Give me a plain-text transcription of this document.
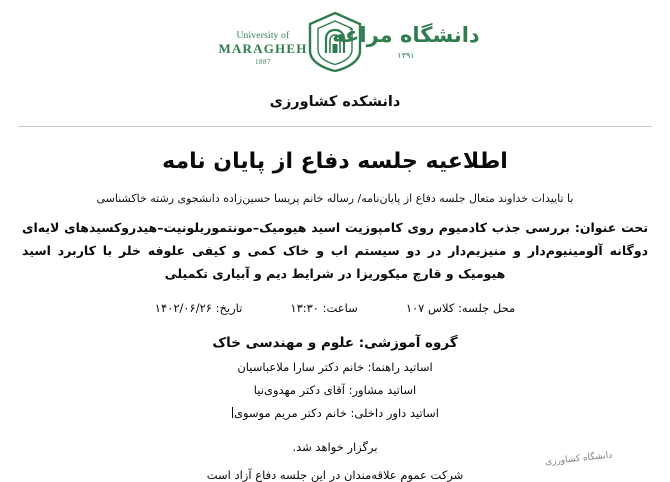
University of
MARAGHEH
1887
دانشگاه مراغه
۱۳۹۱
دانشکده کشاورزی
اطلاعیه جلسه دفاع از پایان نامه
با تاییدات خداوند متعال جلسه دفاع از پایان‌نامه/ رساله خانم پریسا حسین‌زاده دانشجوی رشته خاکشناسی
تحت عنوان: بررسی جذب کادمیوم روی کامپوزیت اسید هیومیک–مونتموریلونیت–هیدروکسیدهای لایه‌ای دوگانه آلومینیوم‌دار و منیزیم‌دار در دو سیستم اب و خاک کمی و کیفی علوفه خلر با کاربرد اسید هیومیک و قارچ میکوریزا در شرایط دیم و آبیاری تکمیلی
محل جلسه: کلاس ۱۰۷
ساعت: ۱۳:۳۰
تاریخ: ۱۴۰۲/۰۶/۲۶
گروه آموزشی: علوم و مهندسی خاک
اساتید راهنما: خانم دکتر سارا ملاعباسیان
اساتید مشاور: آقای دکتر مهدوی‌نیا
اساتید داور داخلی: خانم دکتر مریم موسوی
برگزار خواهد شد.
شرکت عموم علاقه‌مندان در این جلسه دفاع آزاد است
دانشگاه کشاورزی
